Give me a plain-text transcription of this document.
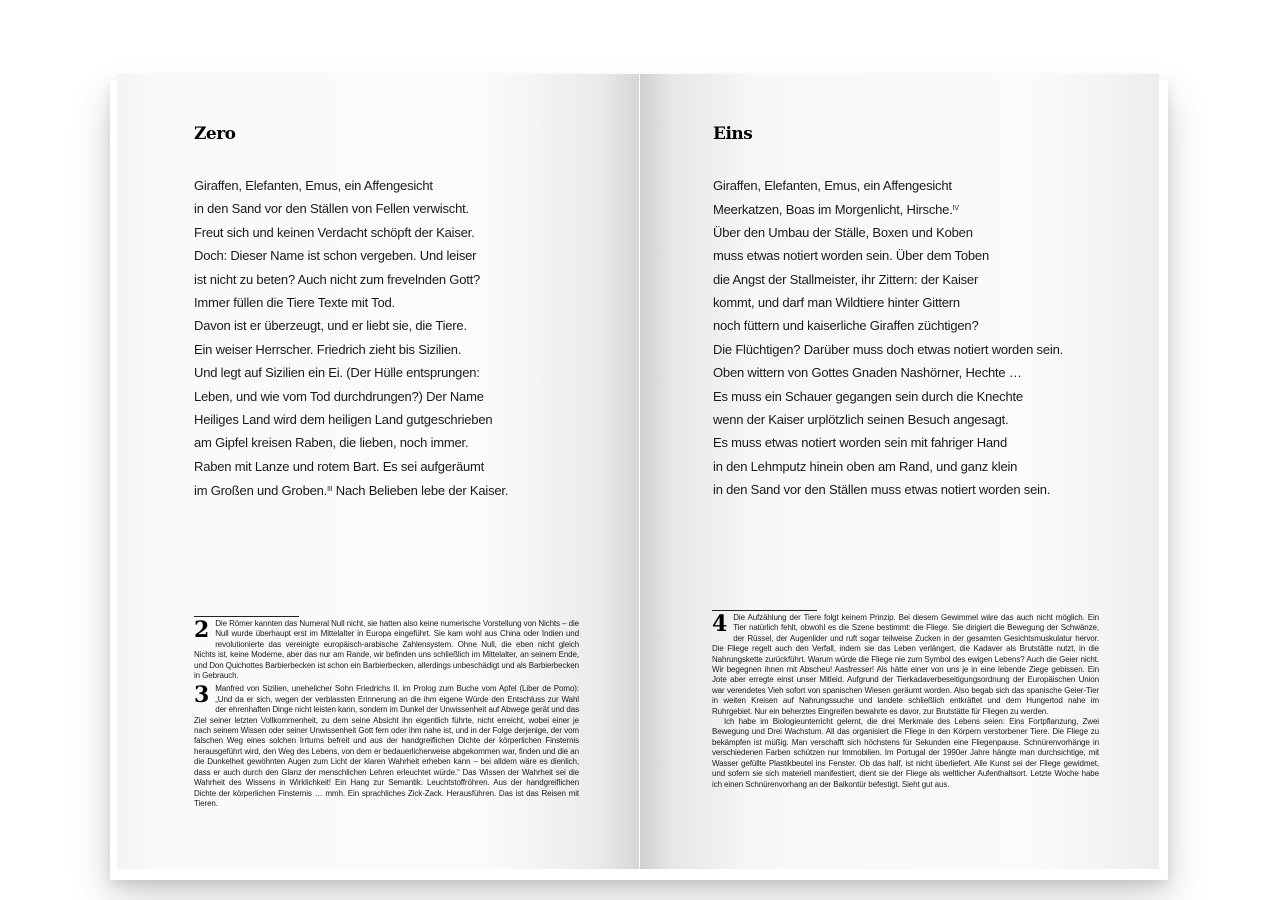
Zero
Giraffen, Elefanten, Emus, ein Affengesicht
in den Sand vor den Ställen von Fellen verwischt.
Freut sich und keinen Verdacht schöpft der Kaiser.
Doch: Dieser Name ist schon vergeben. Und leiser
ist nicht zu beten? Auch nicht zum frevelnden Gott?
Immer füllen die Tiere Texte mit Tod.
Davon ist er überzeugt, und er liebt sie, die Tiere.
Ein weiser Herrscher. Friedrich zieht bis Sizilien.
Und legt auf Sizilien ein Ei. (Der Hülle entsprungen:
Leben, und wie vom Tod durchdrungen?) Der Name
Heiliges Land wird dem heiligen Land gutgeschrieben
am Gipfel kreisen Raben, die lieben, noch immer.
Raben mit Lanze und rotem Bart. Es sei aufgeräumt
im Großen und Groben.$^{III}$ Nach Belieben lebe der Kaiser.
2 Die Römer kannten das Numeral Null nicht, sie hatten also keine numerische Vorstellung von Nichts – die Null wurde überhaupt erst im Mittelalter in Europa eingeführt. Sie kam wohl aus China oder Indien und revolutionierte das vereinigte europäisch-arabische Zahlensystem. Ohne Null, die eben nicht gleich Nichts ist, keine Moderne, aber das nur am Rande, wir befinden uns schließlich im Mittelalter, an seinem Ende, und Don Quichottes Barbierbecken ist schon ein Barbierbecken, allerdings unbeschädigt und als Barbierbecken in Gebrauch.

3 Manfred von Sizilien, unehelicher Sohn Friedrichs II. im Prolog zum Buche vom Apfel (Liber de Pomo): „Und da er sich, wegen der verblassten Erinnerung an die ihm eigene Würde den Entschluss zur Wahl der ehrenhaften Dinge nicht leisten kann, sondern im Dunkel der Unwissenheit auf Abwege gerät und das Ziel seiner letzten Vollkommenheit, zu dem seine Absicht ihn eigentlich führte, nicht erreicht, wobei einer je nach seinem Wissen oder seiner Unwissenheit Gott fern oder ihm nahe ist, und in der Folge derjenige, der vom falschen Weg eines solchen Irrtums befreit und aus der handgreiflichen Dichte der körperlichen Finsternis herausgeführt wird, den Weg des Lebens, von dem er bedauerlicherweise abgekommen war, finden und die an die Dunkelheit gewöhnten Augen zum Licht der klaren Wahrheit erheben kann – bei alldem wäre es dienlich, dass er auch durch den Glanz der menschlichen Lehren erleuchtet würde.“ Das Wissen der Wahrheit sei die Wahrheit des Wissens in Wirklichkeit! Ein Hang zur Semantik. Leuchtstoffröhren. Aus der handgreiflichen Dichte der körperlichen Finsternis … mmh. Ein sprachliches Zick-Zack. Herausführen. Das ist das Reisen mit Tieren.

Eins
Giraffen, Elefanten, Emus, ein Affengesicht
Meerkatzen, Boas im Morgenlicht, Hirsche.$^{IV}$
Über den Umbau der Ställe, Boxen und Koben
muss etwas notiert worden sein. Über dem Toben
die Angst der Stallmeister, ihr Zittern: der Kaiser
kommt, und darf man Wildtiere hinter Gittern
noch füttern und kaiserliche Giraffen züchtigen?
Die Flüchtigen? Darüber muss doch etwas notiert worden sein.
Oben wittern von Gottes Gnaden Nashörner, Hechte …
Es muss ein Schauer gegangen sein durch die Knechte
wenn der Kaiser urplötzlich seinen Besuch angesagt.
Es muss etwas notiert worden sein mit fahriger Hand
in den Lehmputz hinein oben am Rand, und ganz klein
in den Sand vor den Ställen muss etwas notiert worden sein.
4 Die Aufzählung der Tiere folgt keinem Prinzip. Bei diesem Gewimmel wäre das auch nicht möglich. Ein Tier natürlich fehlt, obwohl es die Szene bestimmt: die Fliege. Sie dirigiert die Bewegung der Schwänze, der Rüssel, der Augenlider und ruft sogar teilweise Zucken in der gesamten Gesichtsmuskulatur hervor. Die Fliege regelt auch den Verfall, indem sie das Leben verlängert, die Kadaver als Brutstätte nutzt, in die Nahrungskette zurückführt. Warum würde die Fliege nie zum Symbol des ewigen Lebens? Auch die Geier nicht. Wir begegnen ihnen mit Abscheu! Aasfresser! Als hätte einer von uns je in eine lebende Ziege gebissen. Ein Jote aber erregte einst unser Mitleid. Aufgrund der Tierkadaverbeseitigungsordnung der Europäischen Union war verendetes Vieh sofort von spanischen Wiesen geräumt worden. Also begab sich das spanische Geier-Tier in weiten Kreisen auf Nahrungssuche und landete schließlich entkräftet und dem Hungertod nahe im Ruhrgebiet. Nur ein beherztes Eingreifen bewahrte es davor, zur Brutstätte für Fliegen zu werden.

Ich habe im Biologieunterricht gelernt, die drei Merkmale des Lebens seien: Eins Fortpflanzung, Zwei Bewegung und Drei Wachstum. All das organisiert die Fliege in den Körpern verstorbener Tiere. Die Fliege zu bekämpfen ist müßig. Man verschafft sich höchstens für Sekunden eine Fliegenpause. Schnürenvorhänge in verschiedenen Farben schützen nur Immobilien. Im Portugal der 1990er Jahre hängte man durchsichtige, mit Wasser gefüllte Plastikbeutel ins Fenster. Ob das half, ist nicht überliefert. Alle Kunst sei der Fliege gewidmet, und sofern sie sich materiell manifestiert, dient sie der Fliege als weltlicher Aufenthaltsort. Letzte Woche habe ich einen Schnürenvorhang an der Balkontür befestigt. Sieht gut aus.
